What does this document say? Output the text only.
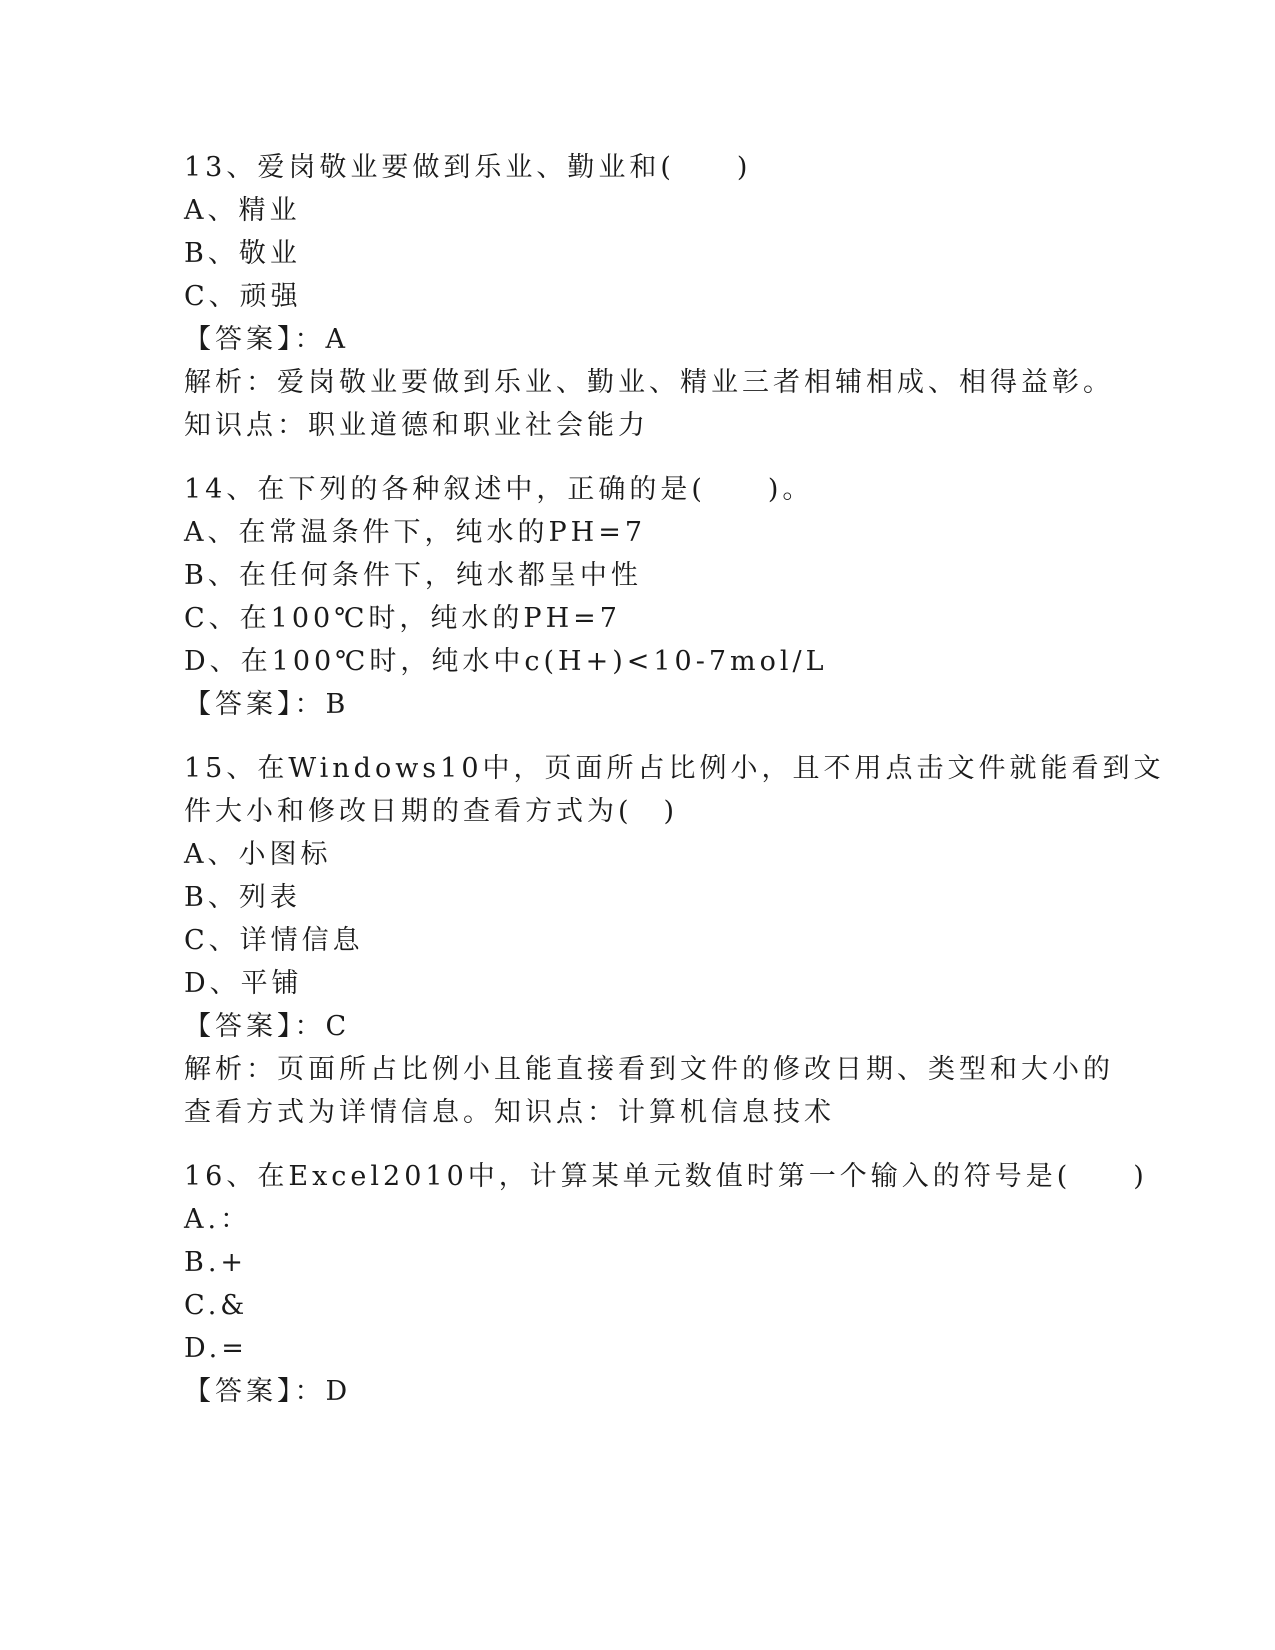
13、爱岗敬业要做到乐业、勤业和(　　)
A、精业
B、敬业
C、顽强
【答案】：A
解析：爱岗敬业要做到乐业、勤业、精业三者相辅相成、相得益彰。
知识点：职业道德和职业社会能力
14、在下列的各种叙述中，正确的是(　　)。
A、在常温条件下，纯水的PH=7
B、在任何条件下，纯水都呈中性
C、在100℃时，纯水的PH=7
D、在100℃时，纯水中c(H+)<10-7mol/L
【答案】：B
15、在Windows10中，页面所占比例小，且不用点击文件就能看到文
件大小和修改日期的查看方式为(　)
A、小图标
B、列表
C、详情信息
D、平铺
【答案】：C
解析：页面所占比例小且能直接看到文件的修改日期、类型和大小的
查看方式为详情信息。知识点：计算机信息技术
16、在Excel2010中，计算某单元数值时第一个输入的符号是(　　)
A.：
B.+
C.&
D.=
【答案】：D
